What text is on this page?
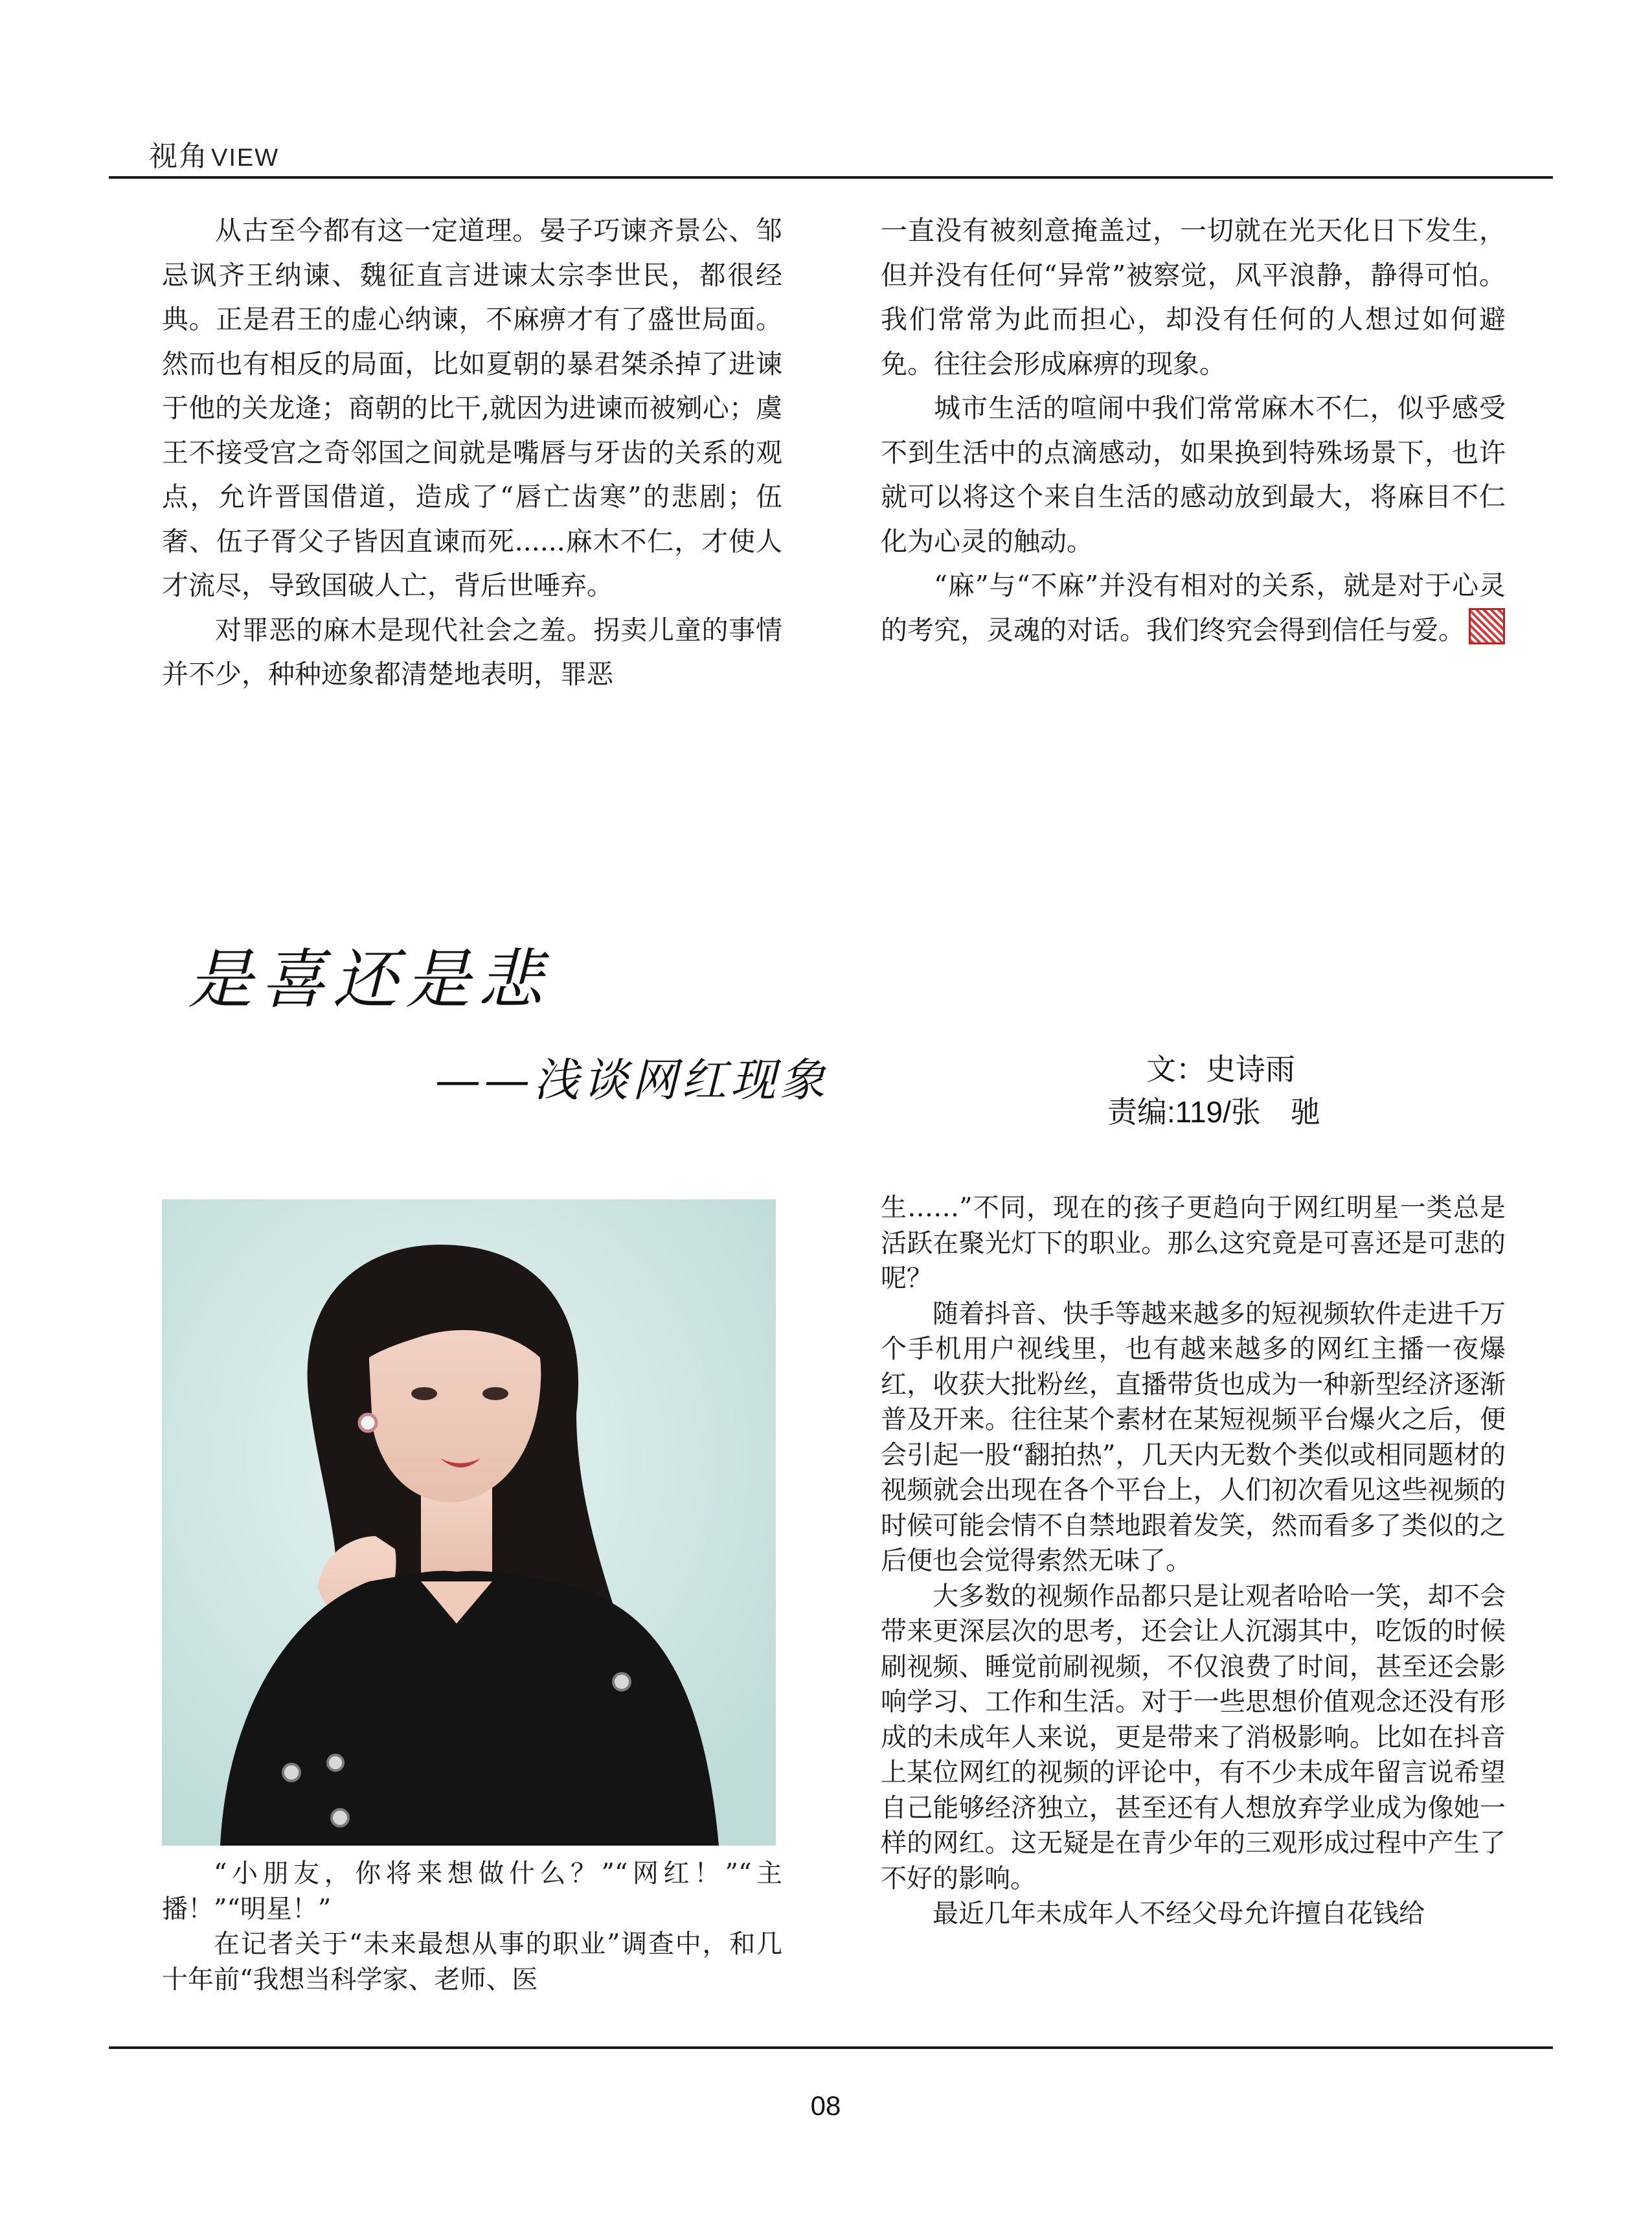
视角 VIEW

从古至今都有这一定道理。晏子巧谏齐景公、邹忌讽齐王纳谏、魏征直言进谏太宗李世民，都很经典。正是君王的虚心纳谏，不麻痹才有了盛世局面。然而也有相反的局面，比如夏朝的暴君桀杀掉了进谏于他的关龙逄；商朝的比干,就因为进谏而被剜心；虞王不接受宫之奇邻国之间就是嘴唇与牙齿的关系的观点，允许晋国借道，造成了“唇亡齿寒”的悲剧；伍奢、伍子胥父子皆因直谏而死......麻木不仁，才使人才流尽，导致国破人亡，背后世唾弃。

对罪恶的麻木是现代社会之羞。拐卖儿童的事情并不少，种种迹象都清楚地表明，罪恶

一直没有被刻意掩盖过，一切就在光天化日下发生，但并没有任何“异常”被察觉，风平浪静，静得可怕。我们常常为此而担心，却没有任何的人想过如何避免。往往会形成麻痹的现象。

城市生活的喧闹中我们常常麻木不仁，似乎感受不到生活中的点滴感动，如果换到特殊场景下，也许就可以将这个来自生活的感动放到最大，将麻目不仁化为心灵的触动。

“麻”与“不麻”并没有相对的关系，就是对于心灵的考究，灵魂的对话。我们终究会得到信任与爱。

是喜还是悲
——浅谈网红现象	文：史诗雨
责编:119/张　驰

“小朋友，你将来想做什么？”“网红！”“主播！”“明星！”

在记者关于“未来最想从事的职业”调查中，和几十年前“我想当科学家、老师、医

生……”不同，现在的孩子更趋向于网红明星一类总是活跃在聚光灯下的职业。那么这究竟是可喜还是可悲的呢？

随着抖音、快手等越来越多的短视频软件走进千万个手机用户视线里，也有越来越多的网红主播一夜爆红，收获大批粉丝，直播带货也成为一种新型经济逐渐普及开来。往往某个素材在某短视频平台爆火之后，便会引起一股“翻拍热”，几天内无数个类似或相同题材的视频就会出现在各个平台上，人们初次看见这些视频的时候可能会情不自禁地跟着发笑，然而看多了类似的之后便也会觉得索然无味了。

大多数的视频作品都只是让观者哈哈一笑，却不会带来更深层次的思考，还会让人沉溺其中，吃饭的时候刷视频、睡觉前刷视频，不仅浪费了时间，甚至还会影响学习、工作和生活。对于一些思想价值观念还没有形成的未成年人来说，更是带来了消极影响。比如在抖音上某位网红的视频的评论中，有不少未成年留言说希望自己能够经济独立，甚至还有人想放弃学业成为像她一样的网红。这无疑是在青少年的三观形成过程中产生了不好的影响。

最近几年未成年人不经父母允许擅自花钱给

08
